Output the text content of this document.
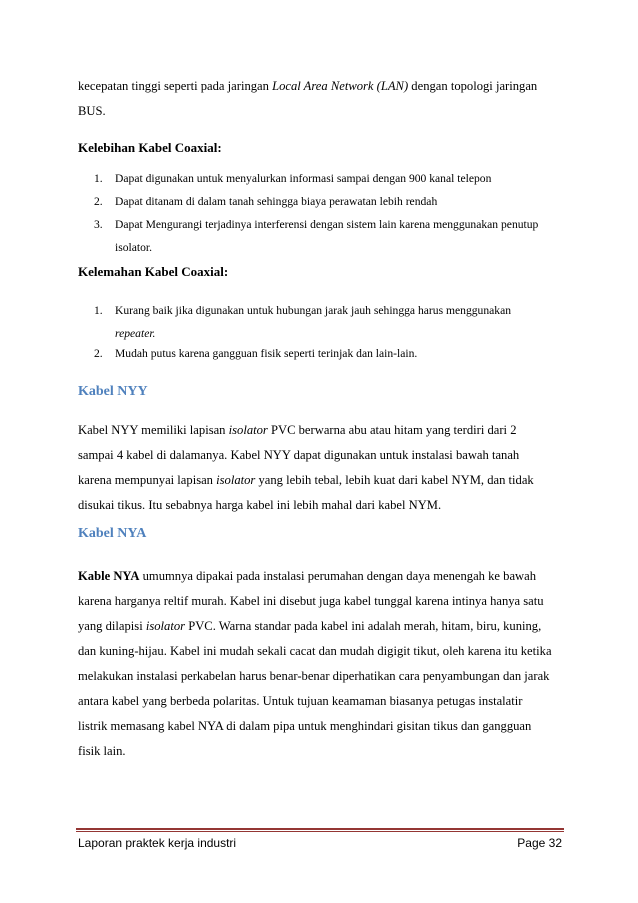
kecepatan tinggi seperti pada jaringan Local Area Network (LAN) dengan topologi jaringan
BUS.
Kelebihan Kabel Coaxial:
1. Dapat digunakan untuk menyalurkan informasi sampai dengan 900 kanal telepon
2. Dapat ditanam di dalam tanah sehingga biaya perawatan lebih rendah
3. Dapat Mengurangi terjadinya interferensi dengan sistem lain karena menggunakan penutup
isolator.
Kelemahan Kabel Coaxial:
1. Kurang baik jika digunakan untuk hubungan jarak jauh sehingga harus menggunakan
repeater.
2. Mudah putus karena gangguan fisik seperti terinjak dan lain-lain.
Kabel NYY
Kabel NYY memiliki lapisan isolator PVC berwarna abu atau hitam yang terdiri dari 2
sampai 4 kabel di dalamanya. Kabel NYY dapat digunakan untuk instalasi bawah tanah
karena mempunyai lapisan isolator yang lebih tebal, lebih kuat dari kabel NYM, dan tidak
disukai tikus. Itu sebabnya harga kabel ini lebih mahal dari kabel NYM.
Kabel NYA
Kable NYA umumnya dipakai pada instalasi perumahan dengan daya menengah ke bawah
karena harganya reltif murah. Kabel ini disebut juga kabel tunggal karena intinya hanya satu
yang dilapisi isolator PVC. Warna standar pada kabel ini adalah merah, hitam, biru, kuning,
dan kuning-hijau. Kabel ini mudah sekali cacat dan mudah digigit tikut, oleh karena itu ketika
melakukan instalasi perkabelan harus benar-benar diperhatikan cara penyambungan dan jarak
antara kabel yang berbeda polaritas. Untuk tujuan keamaman biasanya petugas instalatir
listrik memasang kabel NYA di dalam pipa untuk menghindari gisitan tikus dan gangguan
fisik lain.
Laporan praktek kerja industri	Page 32
